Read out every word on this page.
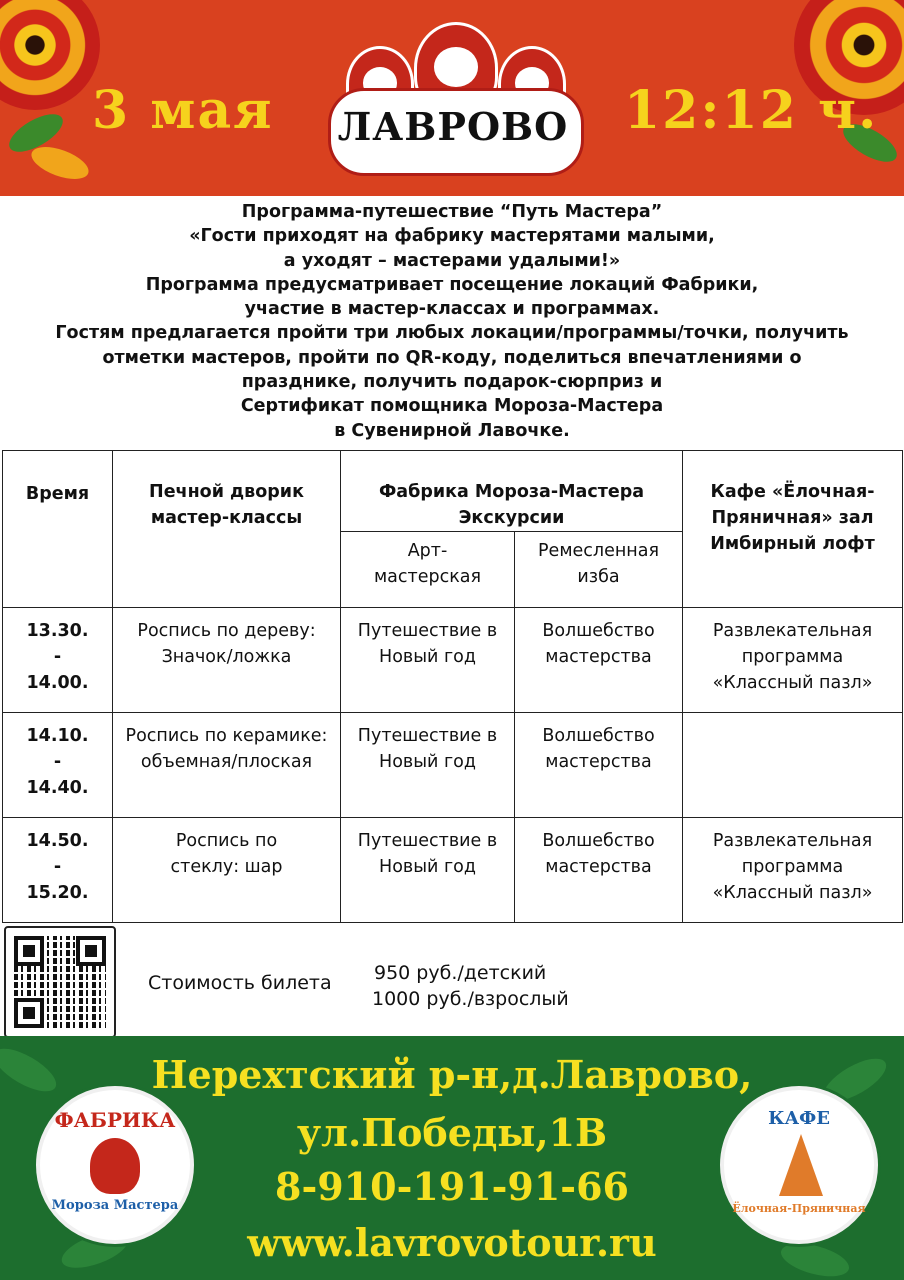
3 мая ЛАВРОВО 12:12 ч.
Программа-путешествие “Путь Мастера”
«Гости приходят на фабрику мастерятами малыми,
а уходят – мастерами удалыми!»
Программа предусматривает посещение локаций Фабрики,
участие в мастер-классах и программах.
Гостям предлагается пройти три любых локации/программы/точки, получить
отметки мастеров, пройти по QR-коду, поделиться впечатлениями о
празднике, получить подарок-сюрприз и
Сертификат помощника Мороза-Мастера
в Сувенирной Лавочке.
Время	Печной дворик мастер-классы	Фабрика Мороза-Мастера Экскурсии		Кафе «Ёлочная-Пряничная» зал Имбирный лофт
		Арт-мастерская	Ремесленная изба	
13.30. - 14.00.	Роспись по дереву: Значок/ложка	Путешествие в Новый год	Волшебство мастерства	Развлекательная программа «Классный пазл»
14.10. - 14.40.	Роспись по керамике: объемная/плоская	Путешествие в Новый год	Волшебство мастерства	
14.50. - 15.20.	Роспись по стеклу: шар	Путешествие в Новый год	Волшебство мастерства	Развлекательная программа «Классный пазл»
Стоимость билета 950 руб./детский
1000 руб./взрослый
Нерехтский р-н,д.Лаврово,
ул.Победы,1В
8-910-191-91-66
www.lavrovotour.ru
ФАБРИКА
Мороза Мастера
КАФЕ
Ёлочная-Пряничная
